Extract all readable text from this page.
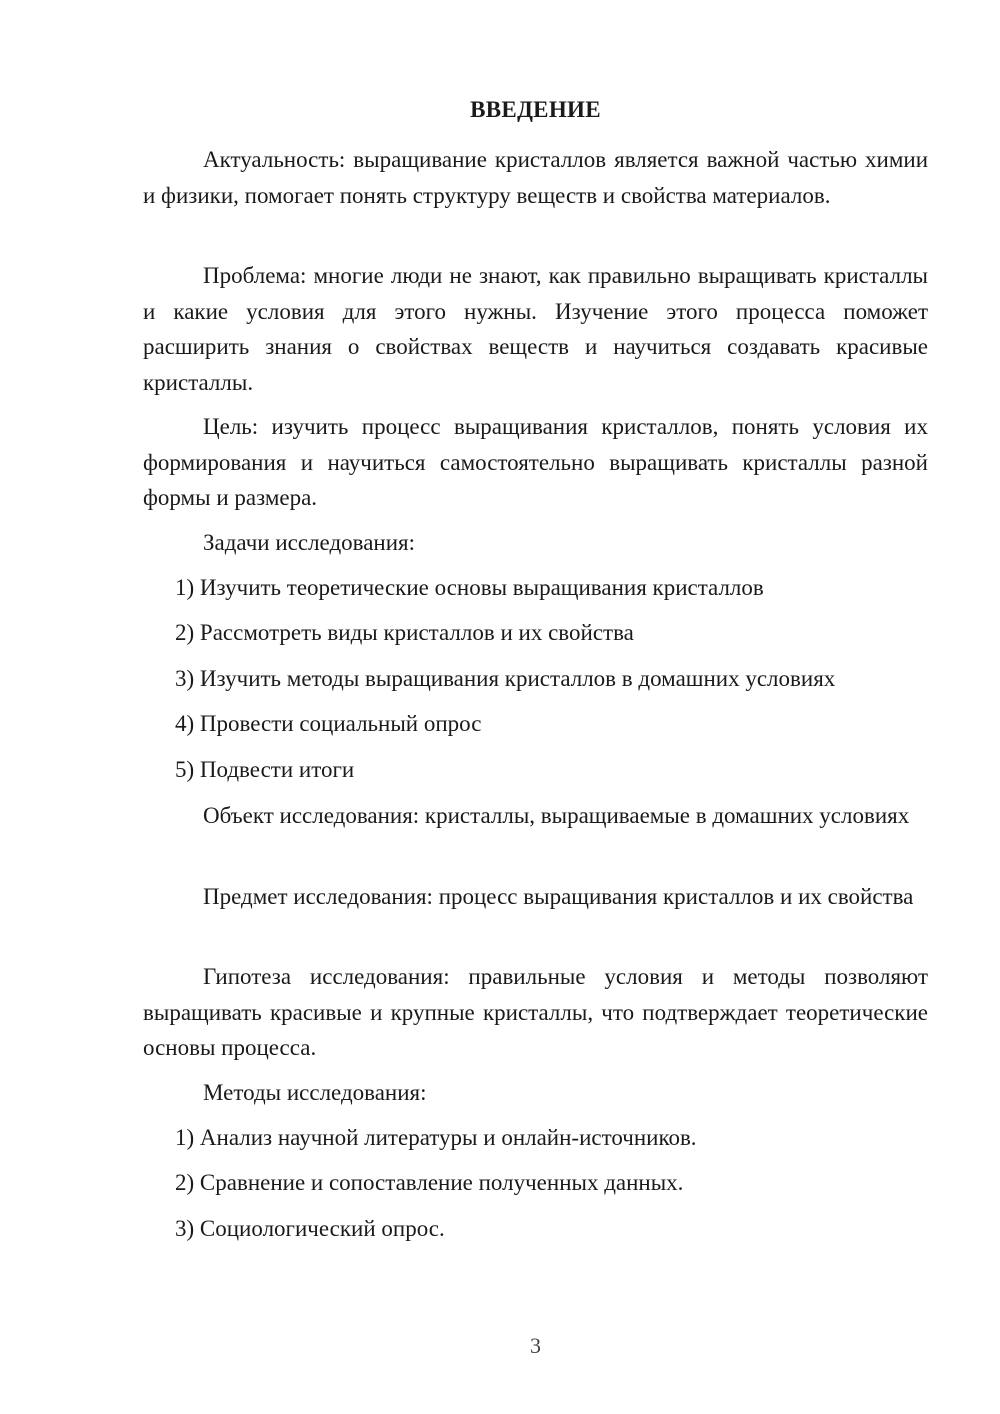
ВВЕДЕНИЕ

Актуальность: выращивание кристаллов является важной частью химии и физики, помогает понять структуру веществ и свойства материалов.

Проблема: многие люди не знают, как правильно выращивать кристаллы и какие условия для этого нужны. Изучение этого процесса поможет расширить знания о свойствах веществ и научиться создавать красивые кристаллы.

Цель: изучить процесс выращивания кристаллов, понять условия их формирования и научиться самостоятельно выращивать кристаллы разной формы и размера.

Задачи исследования:

1) Изучить теоретические основы выращивания кристаллов

2) Рассмотреть виды кристаллов и их свойства

3) Изучить методы выращивания кристаллов в домашних условиях

4) Провести социальный опрос

5) Подвести итоги

Объект исследования: кристаллы, выращиваемые в домашних условиях

Предмет исследования: процесс выращивания кристаллов и их свойства

Гипотеза исследования: правильные условия и методы позволяют выращивать красивые и крупные кристаллы, что подтверждает теоретические основы процесса.

Методы исследования:

1) Анализ научной литературы и онлайн-источников.

2) Сравнение и сопоставление полученных данных.

3) Социологический опрос.

3
